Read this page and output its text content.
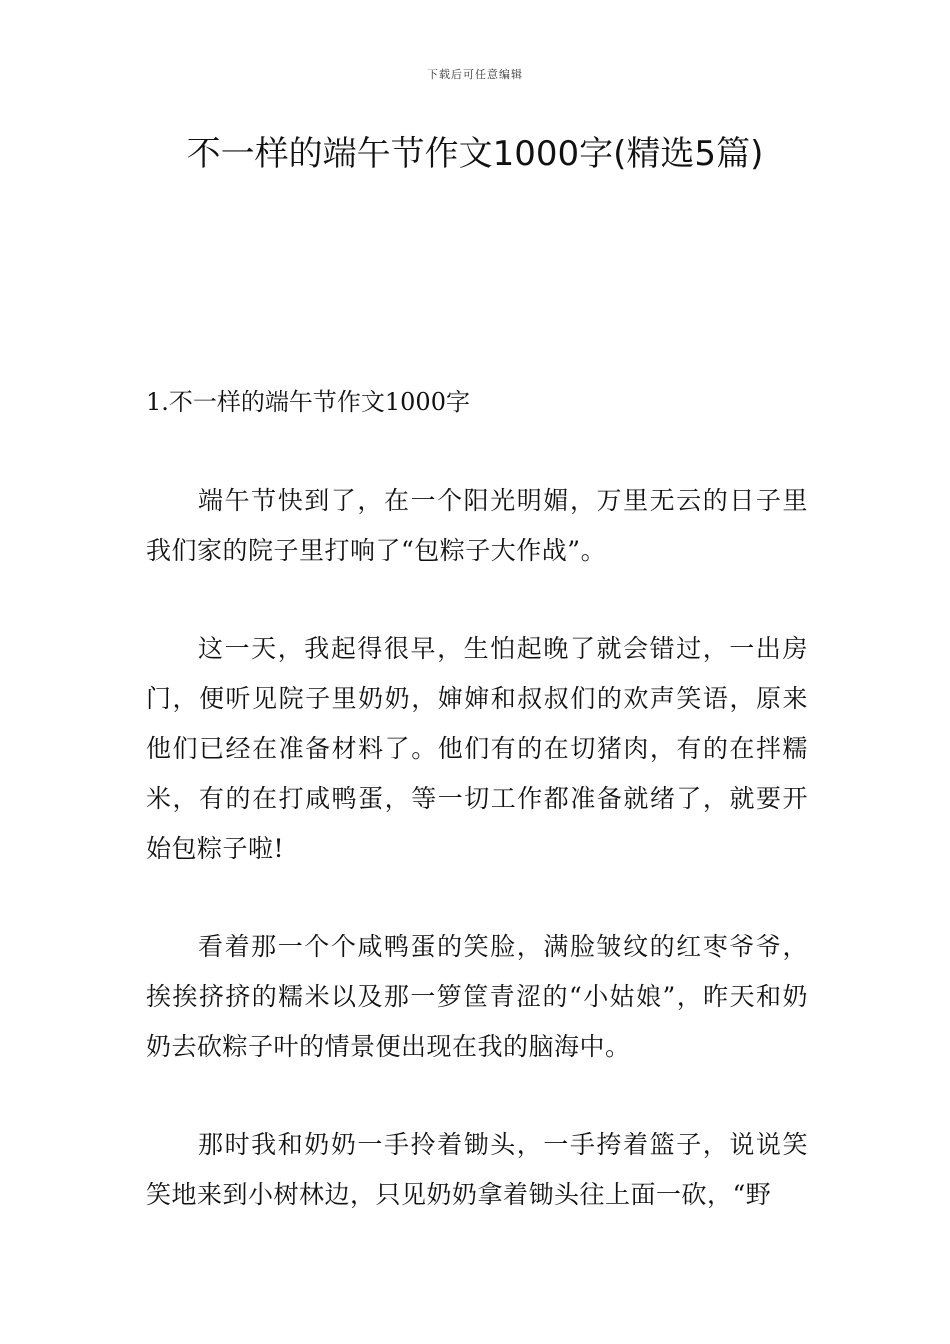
下载后可任意编辑
不一样的端午节作文1000字(精选5篇)
1.不一样的端午节作文1000字

端午节快到了，在一个阳光明媚，万里无云的日子里我们家的院子里打响了“包粽子大作战”。

这一天，我起得很早，生怕起晚了就会错过，一出房门，便听见院子里奶奶，婶婶和叔叔们的欢声笑语，原来他们已经在准备材料了。他们有的在切猪肉，有的在拌糯米，有的在打咸鸭蛋，等一切工作都准备就绪了，就要开始包粽子啦!

看着那一个个咸鸭蛋的笑脸，满脸皱纹的红枣爷爷，挨挨挤挤的糯米以及那一箩筐青涩的“小姑娘”，昨天和奶奶去砍粽子叶的情景便出现在我的脑海中。

那时我和奶奶一手拎着锄头，一手挎着篮子，说说笑笑地来到小树林边，只见奶奶拿着锄头往上面一砍，“野
